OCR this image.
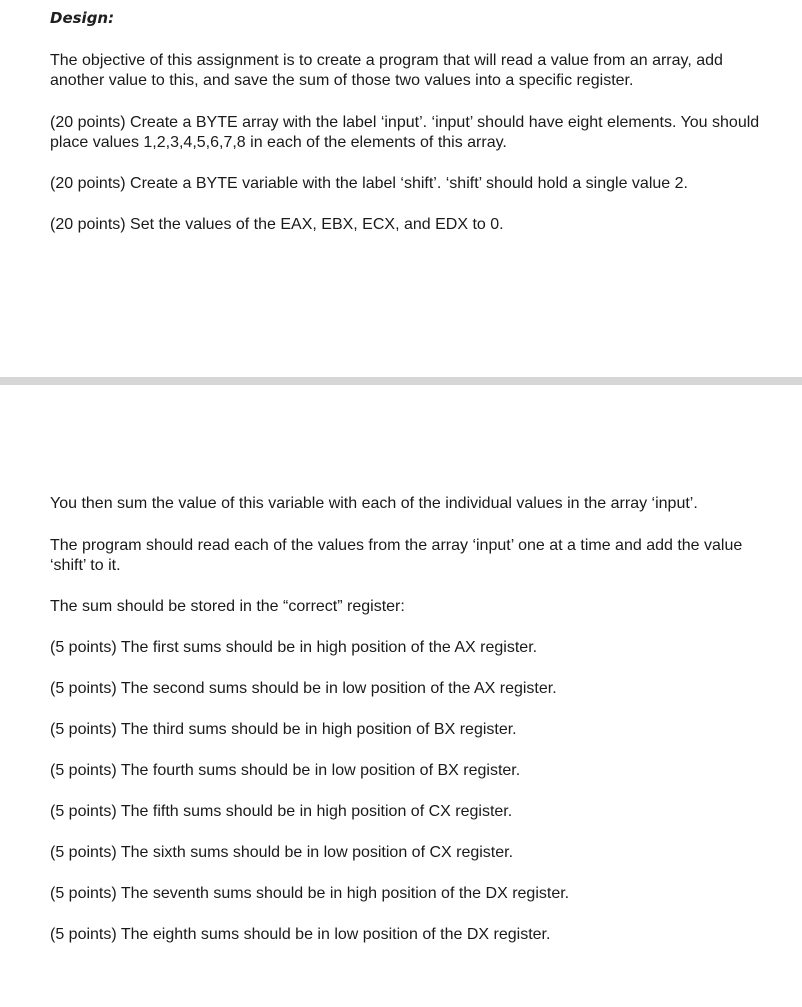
Design:

The objective of this assignment is to create a program that will read a value from an array, add another value to this, and save the sum of those two values into a specific register.

(20 points) Create a BYTE array with the label ‘input’. ‘input’ should have eight elements. You should place values 1,2,3,4,5,6,7,8 in each of the elements of this array.

(20 points) Create a BYTE variable with the label ‘shift’. ‘shift’ should hold a single value 2.

(20 points) Set the values of the EAX, EBX, ECX, and EDX to 0.

You then sum the value of this variable with each of the individual values in the array ‘input’.

The program should read each of the values from the array ‘input’ one at a time and add the value ‘shift’ to it.

The sum should be stored in the “correct” register:

(5 points) The first sums should be in high position of the AX register.

(5 points) The second sums should be in low position of the AX register.

(5 points) The third sums should be in high position of BX register.

(5 points) The fourth sums should be in low position of BX register.

(5 points) The fifth sums should be in high position of CX register.

(5 points) The sixth sums should be in low position of CX register.

(5 points) The seventh sums should be in high position of the DX register.

(5 points) The eighth sums should be in low position of the DX register.
